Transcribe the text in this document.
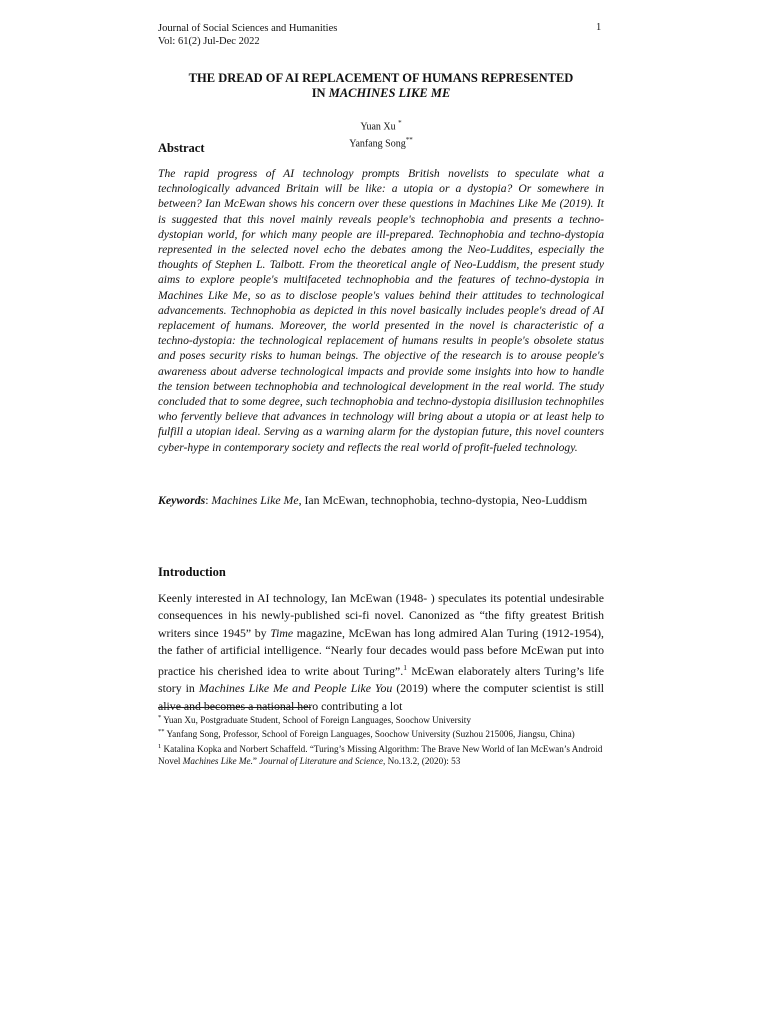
Journal of Social Sciences and Humanities
Vol: 61(2) Jul-Dec 2022
1
THE DREAD OF AI REPLACEMENT OF HUMANS REPRESENTED
IN MACHINES LIKE ME
Yuan Xu *
Yanfang Song**
Abstract

The rapid progress of AI technology prompts British novelists to speculate what a technologically advanced Britain will be like: a utopia or a dystopia? Or somewhere in between? Ian McEwan shows his concern over these questions in Machines Like Me (2019). It is suggested that this novel mainly reveals people's technophobia and presents a techno-dystopian world, for which many people are ill-prepared. Technophobia and techno-dystopia represented in the selected novel echo the debates among the Neo-Luddites, especially the thoughts of Stephen L. Talbott. From the theoretical angle of Neo-Luddism, the present study aims to explore people's multifaceted technophobia and the features of techno-dystopia in Machines Like Me, so as to disclose people's values behind their attitudes to technological advancements. Technophobia as depicted in this novel basically includes people's dread of AI replacement of humans. Moreover, the world presented in the novel is characteristic of a techno-dystopia: the technological replacement of humans results in people's obsolete status and poses security risks to human beings. The objective of the research is to arouse people's awareness about adverse technological impacts and provide some insights into how to handle the tension between technophobia and technological development in the real world. The study concluded that to some degree, such technophobia and techno-dystopia disillusion technophiles who fervently believe that advances in technology will bring about a utopia or at least help to fulfill a utopian ideal. Serving as a warning alarm for the dystopian future, this novel counters cyber-hype in contemporary society and reflects the real world of profit-fueled technology.

Keywords: Machines Like Me, Ian McEwan, technophobia, techno-dystopia, Neo-Luddism

Introduction

Keenly interested in AI technology, Ian McEwan (1948- ) speculates its potential undesirable consequences in his newly-published sci-fi novel. Canonized as “the fifty greatest British writers since 1945” by Time magazine, McEwan has long admired Alan Turing (1912-1954), the father of artificial intelligence. “Nearly four decades would pass before McEwan put into practice his cherished idea to write about Turing”.$^1$ McEwan elaborately alters Turing’s life story in Machines Like Me and People Like You (2019) where the computer scientist is still alive and becomes a national hero contributing a lot

* Yuan Xu, Postgraduate Student, School of Foreign Languages, Soochow University

** Yanfang Song, Professor, School of Foreign Languages, Soochow University (Suzhou 215006, Jiangsu, China)

$^1$ Katalina Kopka and Norbert Schaffeld. “Turing’s Missing Algorithm: The Brave New World of Ian McEwan’s Android Novel Machines Like Me.” Journal of Literature and Science, No.13.2, (2020): 53
